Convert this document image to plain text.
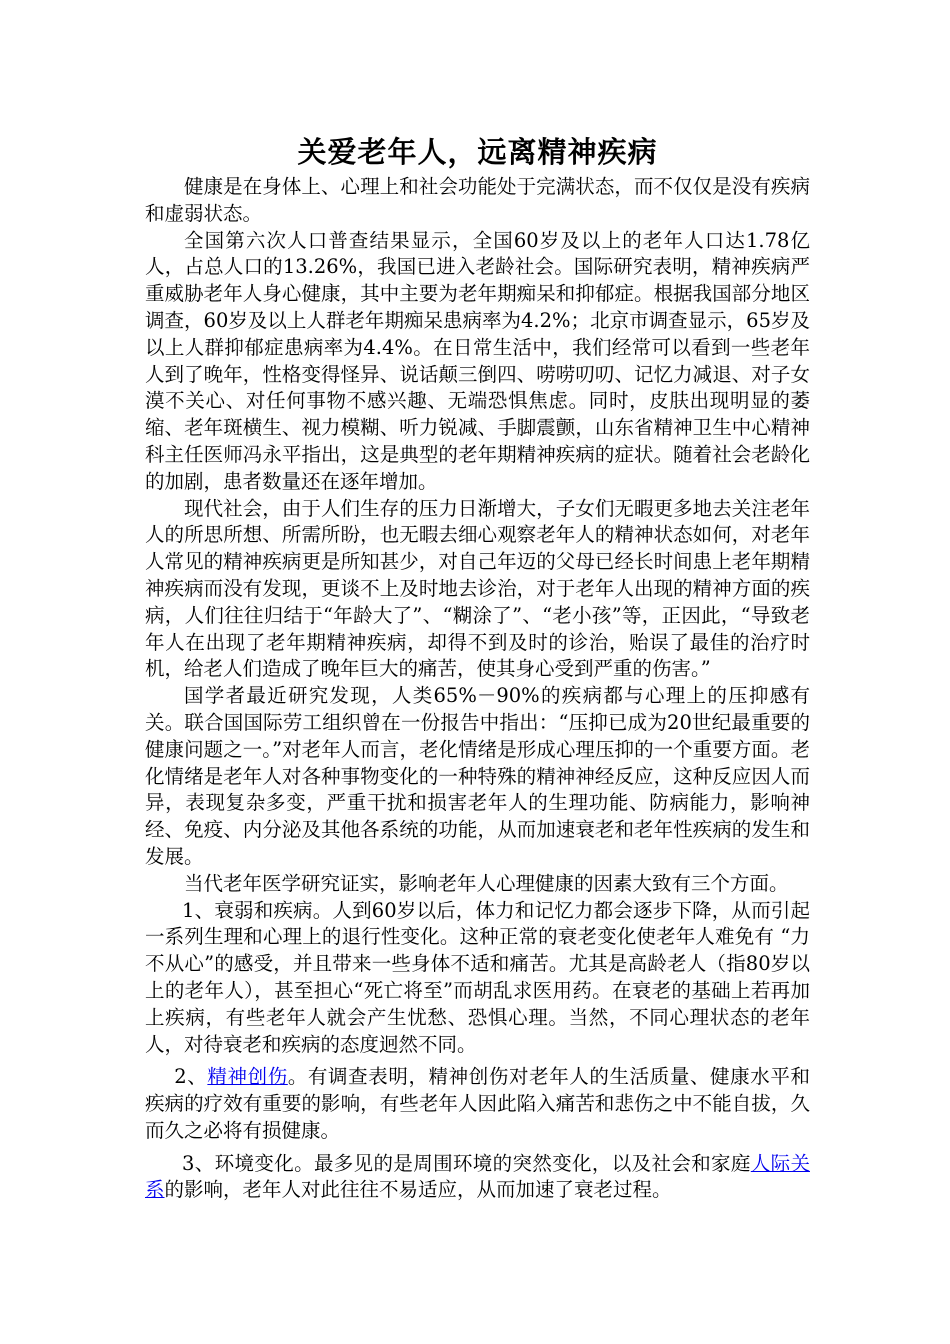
关爱老年人，远离精神疾病

健康是在身体上、心理上和社会功能处于完满状态，而不仅仅是没有疾病和虚弱状态。

全国第六次人口普查结果显示，全国60岁及以上的老年人口达1.78亿人，占总人口的13.26%，我国已进入老龄社会。国际研究表明，精神疾病严重威胁老年人身心健康，其中主要为老年期痴呆和抑郁症。根据我国部分地区调查，60岁及以上人群老年期痴呆患病率为4.2%；北京市调查显示，65岁及以上人群抑郁症患病率为4.4%。在日常生活中，我们经常可以看到一些老年人到了晚年，性格变得怪异、说话颠三倒四、唠唠叨叨、记忆力减退、对子女漠不关心、对任何事物不感兴趣、无端恐惧焦虑。同时，皮肤出现明显的萎缩、老年斑横生、视力模糊、听力锐减、手脚震颤，山东省精神卫生中心精神科主任医师冯永平指出，这是典型的老年期精神疾病的症状。随着社会老龄化的加剧，患者数量还在逐年增加。

现代社会，由于人们生存的压力日渐增大，子女们无暇更多地去关注老年人的所思所想、所需所盼，也无暇去细心观察老年人的精神状态如何，对老年人常见的精神疾病更是所知甚少，对自己年迈的父母已经长时间患上老年期精神疾病而没有发现，更谈不上及时地去诊治，对于老年人出现的精神方面的疾病，人们往往归结于“年龄大了”、“糊涂了”、“老小孩”等，正因此，“导致老年人在出现了老年期精神疾病，却得不到及时的诊治，贻误了最佳的治疗时机，给老人们造成了晚年巨大的痛苦，使其身心受到严重的伤害。”

国学者最近研究发现，人类65%－90%的疾病都与心理上的压抑感有关。联合国国际劳工组织曾在一份报告中指出：“压抑已成为20世纪最重要的健康问题之一。”对老年人而言，老化情绪是形成心理压抑的一个重要方面。老化情绪是老年人对各种事物变化的一种特殊的精神神经反应，这种反应因人而异，表现复杂多变，严重干扰和损害老年人的生理功能、防病能力，影响神经、免疫、内分泌及其他各系统的功能，从而加速衰老和老年性疾病的发生和发展。

当代老年医学研究证实，影响老年人心理健康的因素大致有三个方面。

1、衰弱和疾病。人到60岁以后，体力和记忆力都会逐步下降，从而引起一系列生理和心理上的退行性变化。这种正常的衰老变化使老年人难免有 “力不从心”的感受，并且带来一些身体不适和痛苦。尤其是高龄老人（指80岁以上的老年人），甚至担心“死亡将至”而胡乱求医用药。在衰老的基础上若再加上疾病，有些老年人就会产生忧愁、恐惧心理。当然，不同心理状态的老年人，对待衰老和疾病的态度迥然不同。

2、精神创伤。有调查表明，精神创伤对老年人的生活质量、健康水平和疾病的疗效有重要的影响，有些老年人因此陷入痛苦和悲伤之中不能自拔，久而久之必将有损健康。

3、环境变化。最多见的是周围环境的突然变化，以及社会和家庭人际关系的影响，老年人对此往往不易适应，从而加速了衰老过程。
